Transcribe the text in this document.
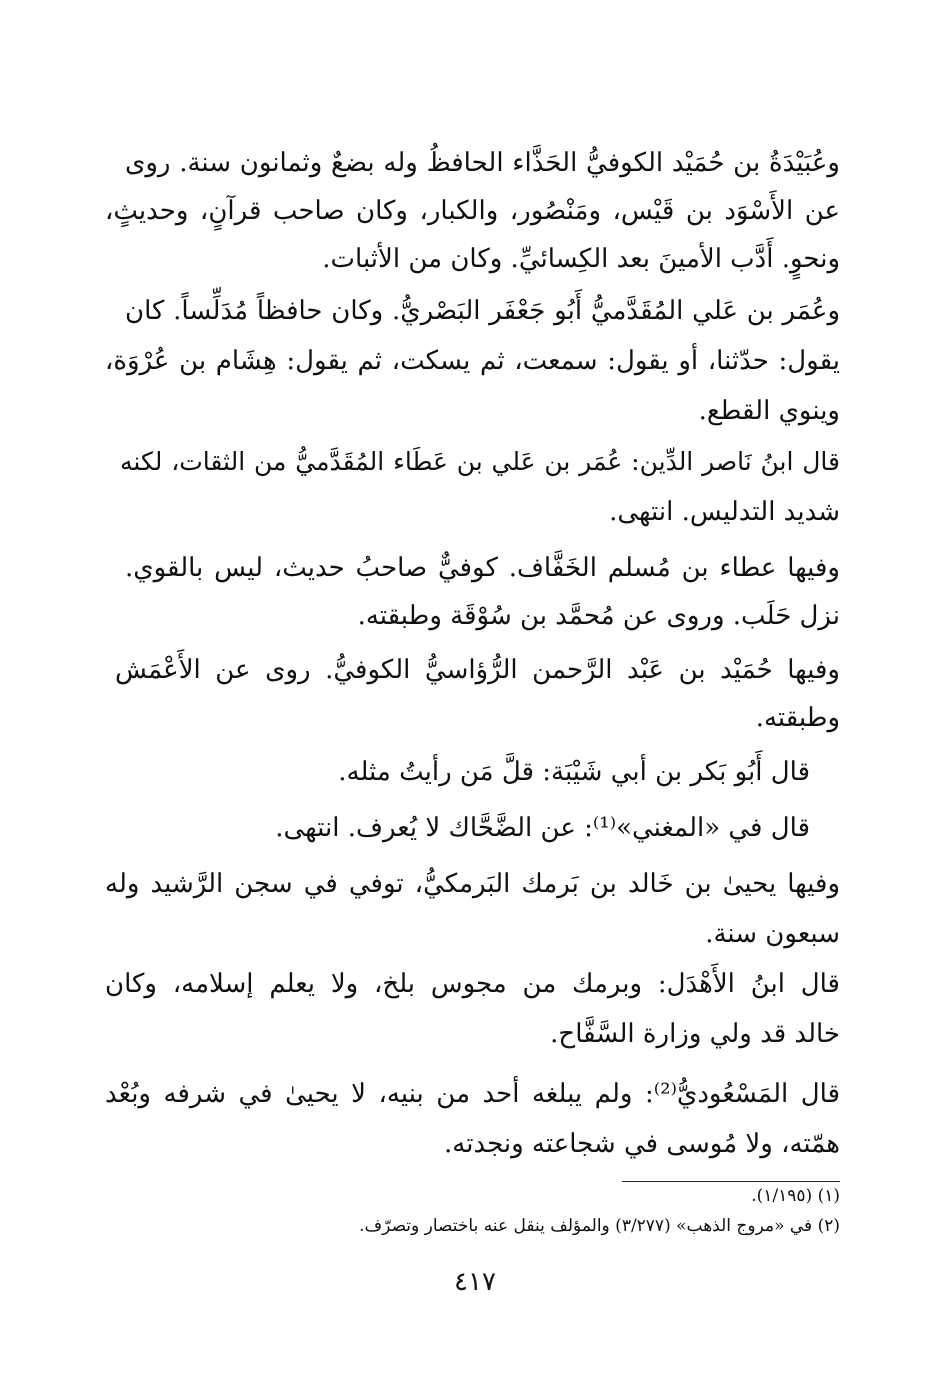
وعُبَيْدَةُ بن حُمَيْد الكوفيُّ الحَذَّاء الحافظُ وله بضعٌ وثمانون سنة. روى
عن الأَسْوَد بن قَيْس، ومَنْصُور، والكبار، وكان صاحب قرآنٍ، وحديثٍ،
ونحوٍ. أَدَّب الأمينَ بعد الكِسائيِّ. وكان من الأثبات.
وعُمَر بن عَلي المُقَدَّميُّ أَبُو جَعْفَر البَصْريُّ. وكان حافظاً مُدَلِّساً. كان
يقول: حدّثنا، أو يقول: سمعت، ثم يسكت، ثم يقول: هِشَام بن عُرْوَة،
وينوي القطع.
قال ابنُ نَاصر الدِّين: عُمَر بن عَلي بن عَطَاء المُقَدَّميُّ من الثقات، لكنه
شديد التدليس. انتهى.
وفيها عطاء بن مُسلم الخَفَّاف. كوفيٌّ صاحبُ حديث، ليس بالقوي.
نزل حَلَب. وروى عن مُحمَّد بن سُوْقَة وطبقته.
وفيها حُمَيْد بن عَبْد الرَّحمن الرُّؤاسيُّ الكوفيُّ. روى عن الأَعْمَش
وطبقته.
قال أَبُو بَكر بن أبي شَيْبَة: قلَّ مَن رأيتُ مثله.
قال في «المغني»⁽¹⁾: عن الضَّحَّاك لا يُعرف. انتهى.
وفيها يحيىٰ بن خَالد بن بَرمك البَرمكيُّ، توفي في سجن الرَّشيد وله
سبعون سنة.
قال ابنُ الأَهْدَل: وبرمك من مجوس بلخ، ولا يعلم إسلامه، وكان
خالد قد ولي وزارة السَّفَّاح.
قال المَسْعُوديُّ⁽²⁾: ولم يبلغه أحد من بنيه، لا يحيىٰ في شرفه وبُعْد
همّته، ولا مُوسى في شجاعته ونجدته.
(١) (١/١٩٥).
(٢) في «مروج الذهب» (٣/٢٧٧) والمؤلف ينقل عنه باختصار وتصرّف.
٤١٧
